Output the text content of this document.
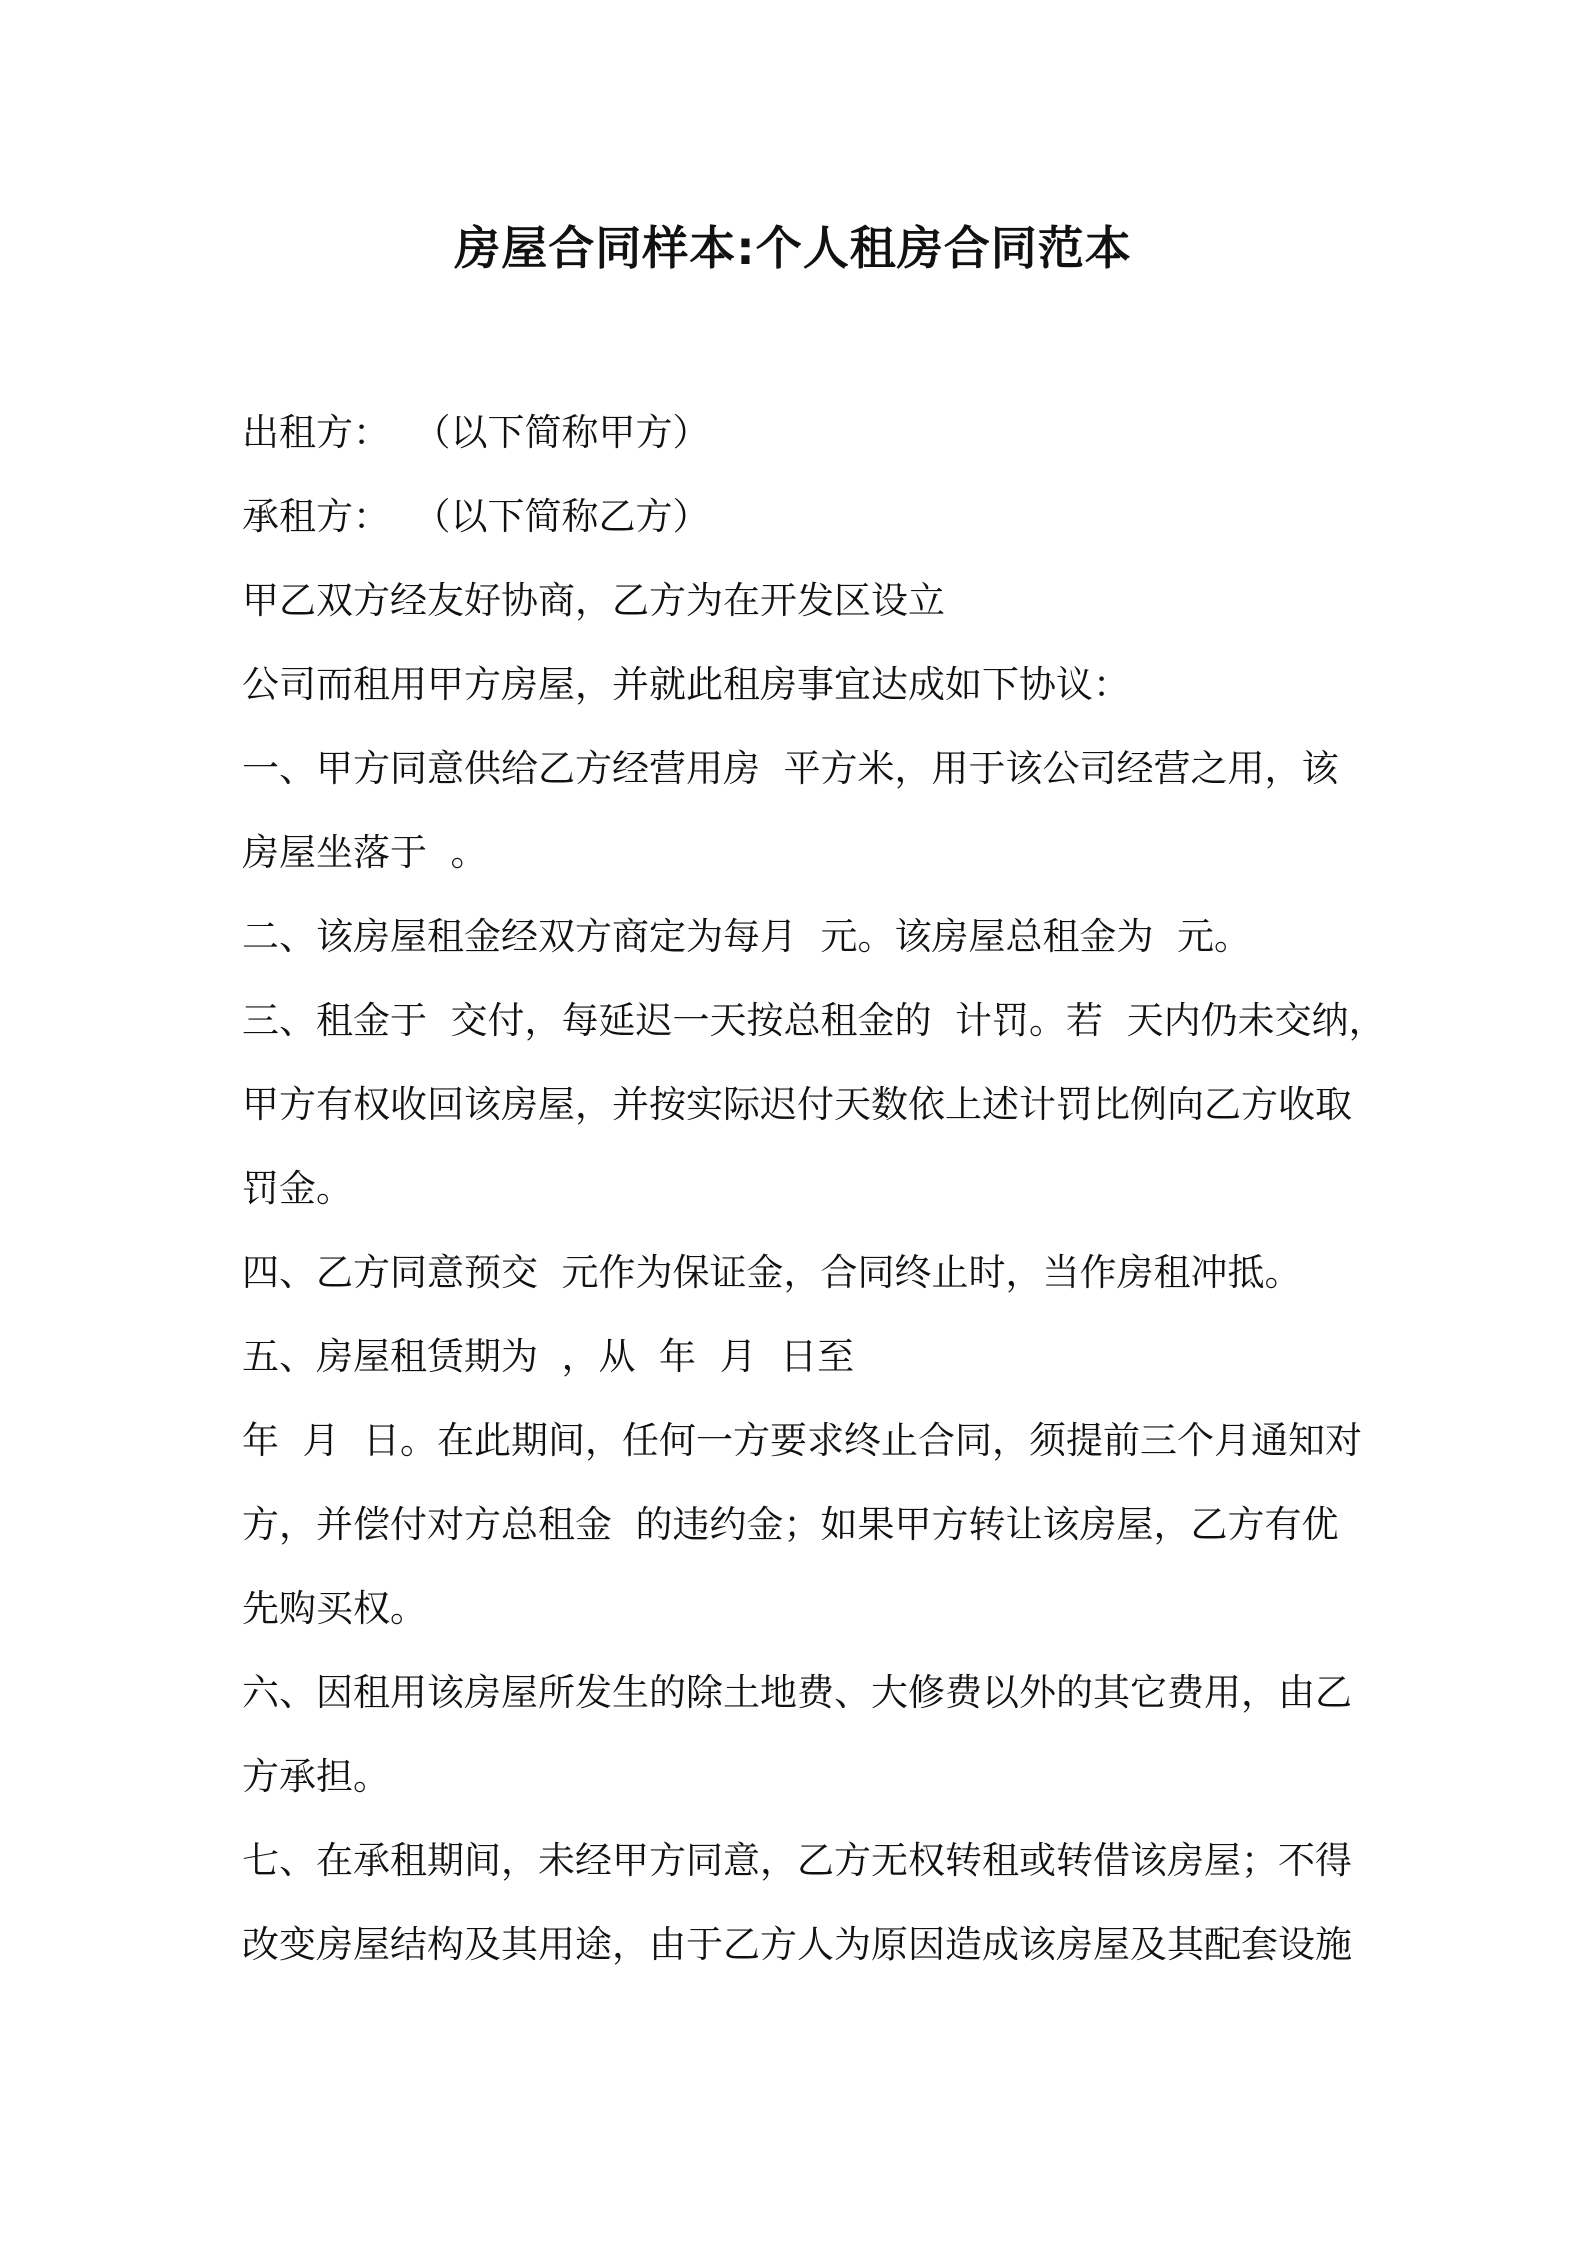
房屋合同样本:个人租房合同范本

出租方：  （以下简称甲方）

承租方：  （以下简称乙方）

甲乙双方经友好协商，乙方为在开发区设立

公司而租用甲方房屋，并就此租房事宜达成如下协议：

一、甲方同意供给乙方经营用房  平方米，用于该公司经营之用，该

房屋坐落于  。

二、该房屋租金经双方商定为每月  元。该房屋总租金为  元。

三、租金于  交付，每延迟一天按总租金的  计罚。若  天内仍未交纳，

甲方有权收回该房屋，并按实际迟付天数依上述计罚比例向乙方收取

罚金。

四、乙方同意预交  元作为保证金，合同终止时，当作房租冲抵。

五、房屋租赁期为  ，从  年  月  日至

年  月  日。在此期间，任何一方要求终止合同，须提前三个月通知对

方，并偿付对方总租金  的违约金；如果甲方转让该房屋，乙方有优

先购买权。

六、因租用该房屋所发生的除土地费、大修费以外的其它费用，由乙

方承担。

七、在承租期间，未经甲方同意，乙方无权转租或转借该房屋；不得

改变房屋结构及其用途，由于乙方人为原因造成该房屋及其配套设施
